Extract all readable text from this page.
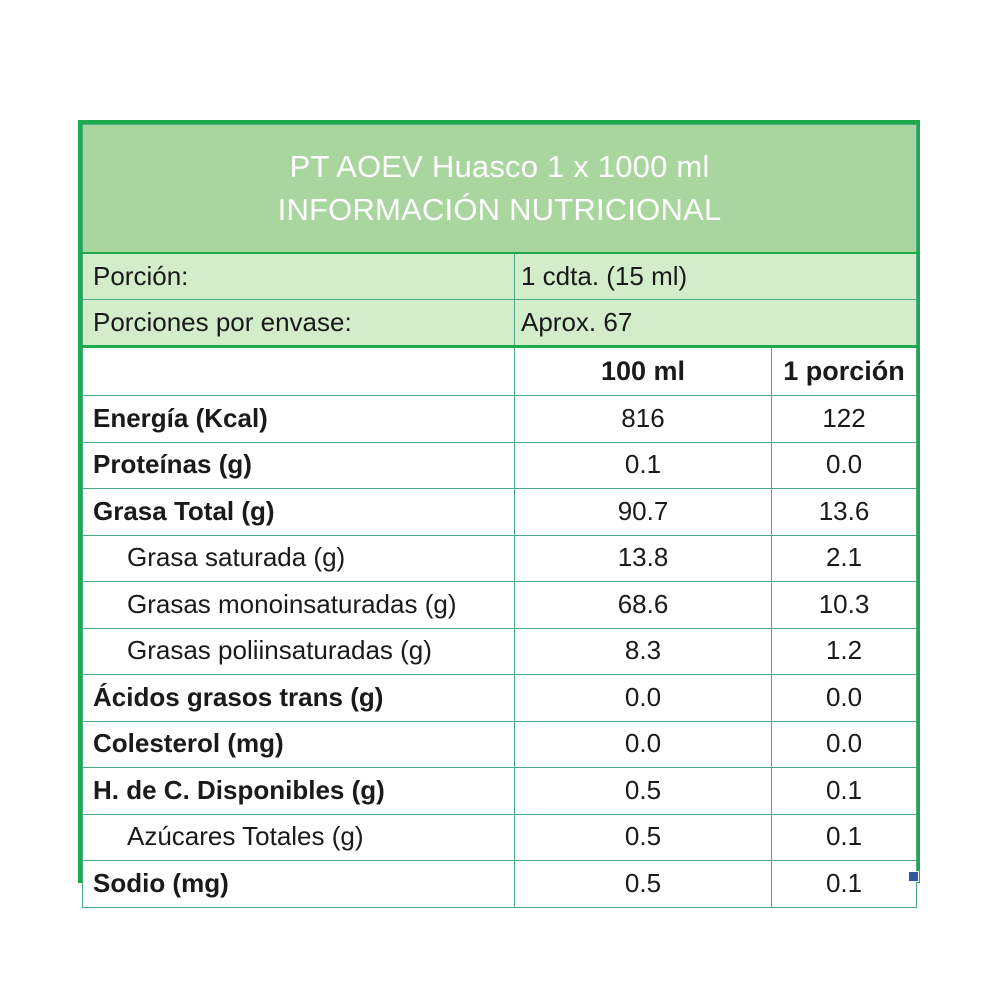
PT AOEV Huasco 1 x 1000 ml
INFORMACIÓN NUTRICIONAL		

Porción:	1 cdta. (15 ml)	
Porciones por envase:	Aprox. 67	
	100 ml	1 porción
Energía (Kcal)	816	122
Proteínas (g)	0.1	0.0
Grasa Total (g)	90.7	13.6
Grasa saturada (g)	13.8	2.1
Grasas monoinsaturadas (g)	68.6	10.3
Grasas poliinsaturadas (g)	8.3	1.2
Ácidos grasos trans (g)	0.0	0.0
Colesterol (mg)	0.0	0.0
H. de C. Disponibles (g)	0.5	0.1
Azúcares Totales (g)	0.5	0.1
Sodio (mg)	0.5	0.1
